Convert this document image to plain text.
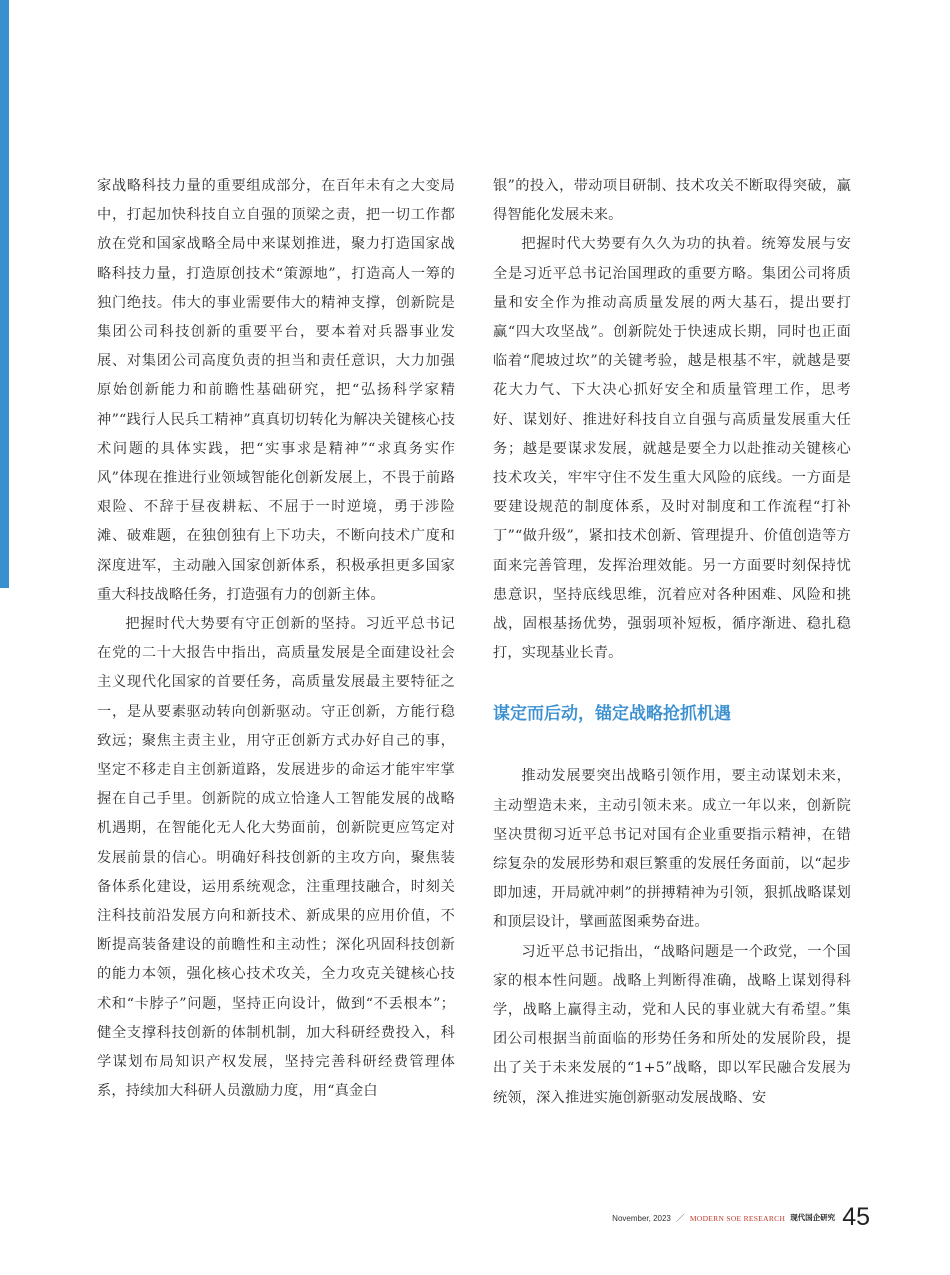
家战略科技力量的重要组成部分，在百年未有之大变局中，打起加快科技自立自强的顶梁之责，把一切工作都放在党和国家战略全局中来谋划推进，聚力打造国家战略科技力量，打造原创技术“策源地”，打造高人一筹的独门绝技。伟大的事业需要伟大的精神支撑，创新院是集团公司科技创新的重要平台，要本着对兵器事业发展、对集团公司高度负责的担当和责任意识，大力加强原始创新能力和前瞻性基础研究，把“弘扬科学家精神”“践行人民兵工精神”真真切切转化为解决关键核心技术问题的具体实践，把“实事求是精神”“求真务实作风”体现在推进行业领域智能化创新发展上，不畏于前路艰险、不辞于昼夜耕耘、不屈于一时逆境，勇于涉险滩、破难题，在独创独有上下功夫，不断向技术广度和深度进军，主动融入国家创新体系，积极承担更多国家重大科技战略任务，打造强有力的创新主体。

把握时代大势要有守正创新的坚持。习近平总书记在党的二十大报告中指出，高质量发展是全面建设社会主义现代化国家的首要任务，高质量发展最主要特征之一，是从要素驱动转向创新驱动。守正创新，方能行稳致远；聚焦主责主业，用守正创新方式办好自己的事，坚定不移走自主创新道路，发展进步的命运才能牢牢掌握在自己手里。创新院的成立恰逢人工智能发展的战略机遇期，在智能化无人化大势面前，创新院更应笃定对发展前景的信心。明确好科技创新的主攻方向，聚焦装备体系化建设，运用系统观念，注重理技融合，时刻关注科技前沿发展方向和新技术、新成果的应用价值，不断提高装备建设的前瞻性和主动性；深化巩固科技创新的能力本领，强化核心技术攻关，全力攻克关键核心技术和“卡脖子”问题，坚持正向设计，做到“不丢根本”；健全支撑科技创新的体制机制，加大科研经费投入，科学谋划布局知识产权发展，坚持完善科研经费管理体系，持续加大科研人员激励力度，用“真金白

银”的投入，带动项目研制、技术攻关不断取得突破，赢得智能化发展未来。

把握时代大势要有久久为功的执着。统筹发展与安全是习近平总书记治国理政的重要方略。集团公司将质量和安全作为推动高质量发展的两大基石，提出要打赢“四大攻坚战”。创新院处于快速成长期，同时也正面临着“爬坡过坎”的关键考验，越是根基不牢，就越是要花大力气、下大决心抓好安全和质量管理工作，思考好、谋划好、推进好科技自立自强与高质量发展重大任务；越是要谋求发展，就越是要全力以赴推动关键核心技术攻关，牢牢守住不发生重大风险的底线。一方面是要建设规范的制度体系，及时对制度和工作流程“打补丁”“做升级”，紧扣技术创新、管理提升、价值创造等方面来完善管理，发挥治理效能。另一方面要时刻保持忧患意识，坚持底线思维，沉着应对各种困难、风险和挑战，固根基扬优势，强弱项补短板，循序渐进、稳扎稳打，实现基业长青。

谋定而后动，锚定战略抢抓机遇

推动发展要突出战略引领作用，要主动谋划未来，主动塑造未来，主动引领未来。成立一年以来，创新院坚决贯彻习近平总书记对国有企业重要指示精神，在错综复杂的发展形势和艰巨繁重的发展任务面前，以“起步即加速，开局就冲刺”的拼搏精神为引领，狠抓战略谋划和顶层设计，擘画蓝图乘势奋进。

习近平总书记指出，“战略问题是一个政党，一个国家的根本性问题。战略上判断得准确，战略上谋划得科学，战略上赢得主动，党和人民的事业就大有希望。”集团公司根据当前面临的形势任务和所处的发展阶段，提出了关于未来发展的“1+5”战略，即以军民融合发展为统领，深入推进实施创新驱动发展战略、安

November, 2023 ／ MODERN SOE RESEARCH 现代国企研究 45
